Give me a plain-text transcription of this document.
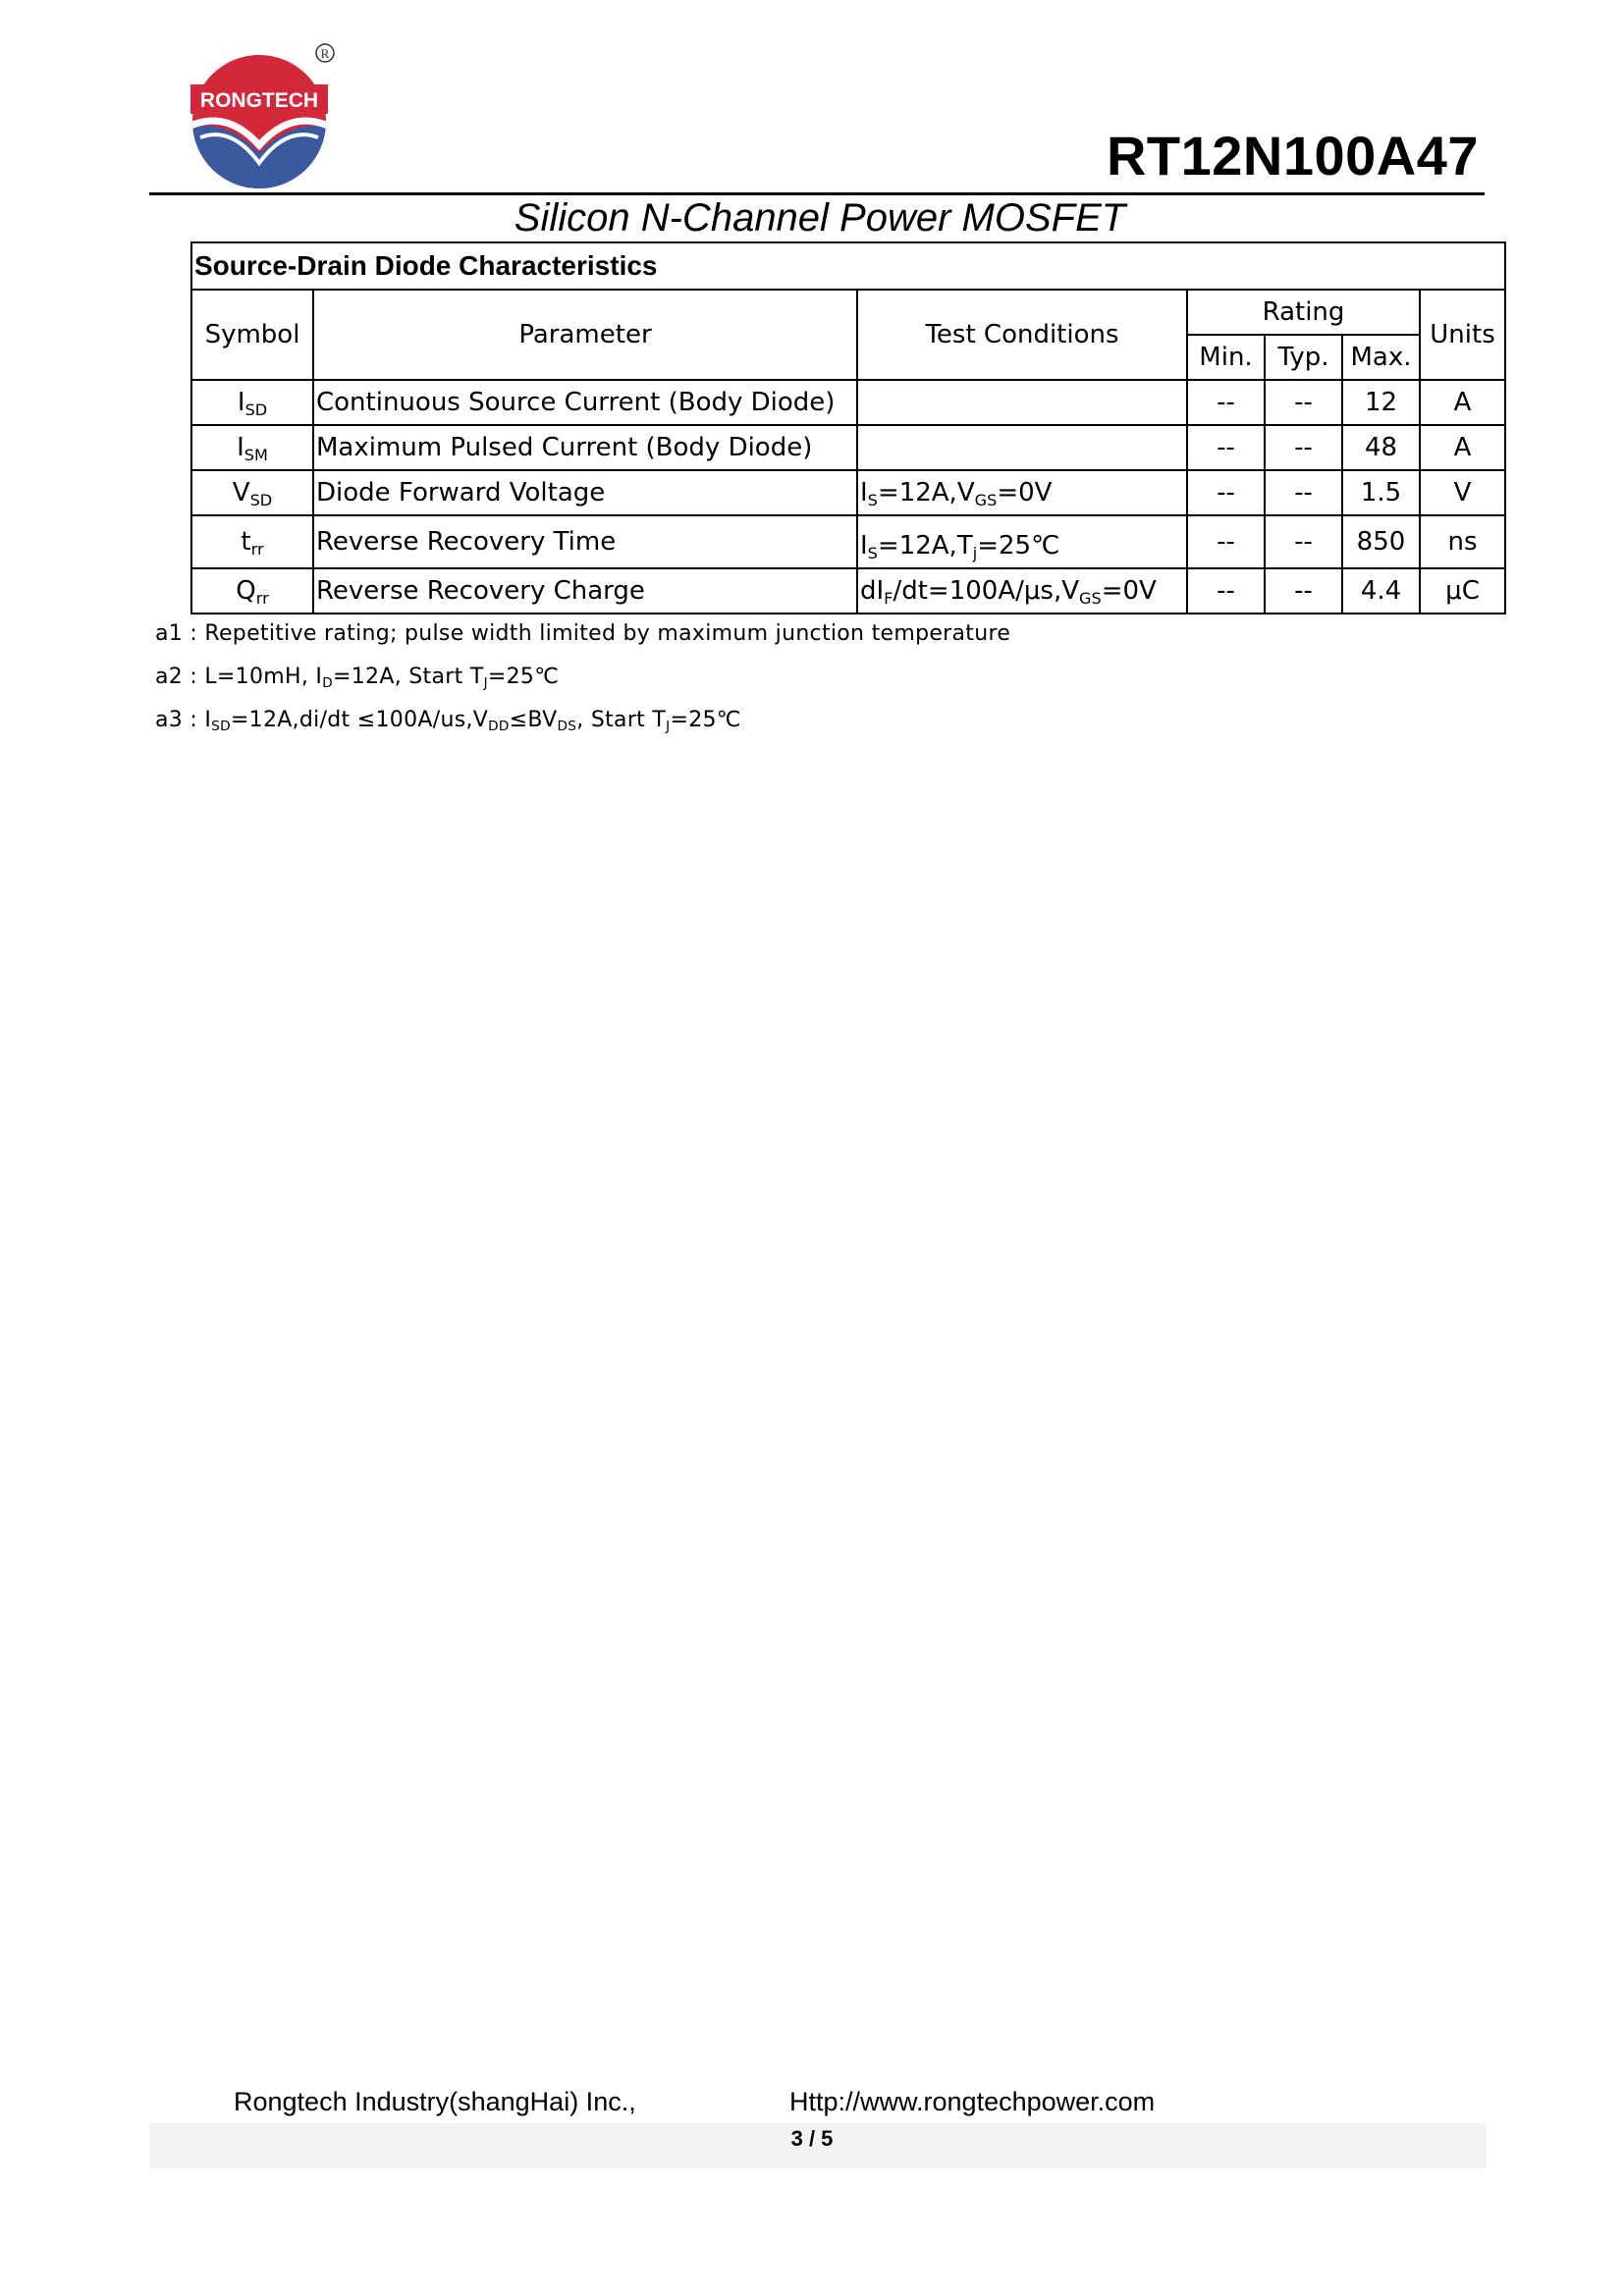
RONGTECH
R
RT12N100A47
Silicon N-Channel Power MOSFET
Source-Drain Diode Characteristics						
Symbol	Parameter	Test Conditions	Rating			Units
			Min.	Typ.	Max.	
$I_{SD}$	Continuous Source Current (Body Diode)		--	--	12	A
$I_{SM}$	Maximum Pulsed Current (Body Diode)		--	--	48	A
$V_{SD}$	Diode Forward Voltage	$I_S=12A,V_{GS}=0V$	--	--	1.5	V
$t_{rr}$	Reverse Recovery Time	$I_S=12A,T_j=25℃$	--	--	850	ns
$Q_{rr}$	Reverse Recovery Charge	$dI_F/dt=100A/\mu s,V_{GS}=0V$	--	--	4.4	μC
a1 : Repetitive rating; pulse width limited by maximum junction temperature
a2 : L=10mH, $I_D=12A$, Start $T_J=25℃$
a3 : $I_{SD}=12A,di/dt \le 100A/us,V_{DD}\le BV_{DS}$, Start $T_J=25℃$
Rongtech Industry(shangHai) Inc.,	Http://www.rongtechpower.com
3 / 5
